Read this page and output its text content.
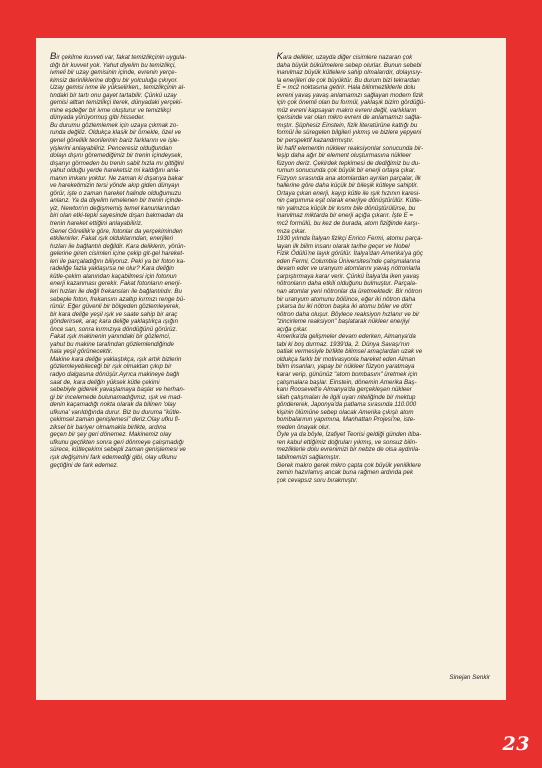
Bir çekilme kuvveti var, fakat temizlikçinin uygula-

dığı bir kuvvet yok. Yahut diyelim bu temizlikçi,

ivmeli bir uzay gemisinin içinde, evrenin yerçe-

kimsiz derinliklerine doğru bir yolculuğa çıkıyor.

Uzay gemisi ivme ile yükselirken,, temizlikçinin al-

tındaki bir tartı onu gayet tartabilir. Çünkü uzay

gemisi alttan temizlikçi iterek, dünyadaki yerçeki-

mine eşdeğer bir ivme oluşturur ve temizlikçi

dünyada yürüyormuş gibi hisseder.

Bu durumu gözlemlemek için uzaya çıkmak zo-

runda değiliz. Oldukça klasik bir örnekle, özel ve

genel görelilik teorilerinin bariz farklarını ve işle-

yişlerini anlayabiliriz. Penceresiz olduğundan

dolayı dışını göremediğimiz bir trenin içindeysek,

dışarıyı görmeden bu trenin sabit hızla mı gittiğini

yahut olduğu yerde hareketsiz mi kaldığını anla-

manın imkanı yoktur. Ne zaman ki dışarıya bakar

ve hareketimizin tersi yönde akıp giden dünyayı

görür, işte o zaman hareket halinde olduğumuzu

anlarız. Ya da diyelim ivmelenen bir trenin içinde-

yiz, Newton'ın değişmemiş temel kanunlarından

biri olan etki-tepki sayesinde dışarı bakmadan da

trenin hareket ettiğini anlayabiliriz.

Genel Görelilik'e göre, fotonlar da yerçekiminden

etkilenirler. Fakat ışık olduklarından, enerjileri

hızları ile bağlantılı değildir. Kara deliklerin, yörün-

gelerine giren cisimleri içine çekip git-gel hareket-

leri ile parçaladığını biliyoruz. Peki ya bir foton ka-

radeliğe fazla yaklaşırsa ne olur? Kara deliğin

kütle-çekim alanından kaçabilmesi için fotonun

enerji kazanması gerekir. Fakat fotonların enerji-

leri hızları ile değil frekansları ile bağlantılıdır. Bu

sebeple foton, frekansını azaltıp kırmızı renge bü-

rünür. Eğer güvenli bir bölgeden gözlemleyerek,

bir kara deliğe yeşil ışık ve saate sahip bir araç

gönderirsek, araç kara deliğe yaklaştıkça ışığın

önce sarı, sonra kırmızıya döndüğünü görürüz.

Fakat ışık makinenin yanındaki bir gözlemci,

yahut bu makine tarafından gözlemlendiğinde

hala yeşil görünecektir.

Makine kara deliğe yaklaştıkça, ışık artık bizlerin

gözlemleyebileceği bir ışık olmaktan çıkıp bir

radyo dalgasına dönüşür.Ayrıca makineye bağlı

saat de, kara deliğin yüksek kütle çekimi

sebebiyle giderek yavaşlamaya başlar ve herhan-

gi bir incelemede bulunamadığımız, ışık ve mad-

denin kaçamadığı nokta olarak da bilinen 'olay

ufkuna' varıldığında durur. Biz bu duruma "kütle-

çekimsel zaman genişlemesi" deriz.Olay ufku fi-

ziksel bir bariyer olmamakla birlikte, ardına

geçen bir şey geri dönemez. Makinemiz olay

ufkunu geçtikten sonra geri dönmeye çalışmadığı

sürece, kütleçekimi sebepli zaman genişlemesi ve

ışık değişimini fark edemediği gibi, olay ufkunu

geçtiğini de fark edemez.

Kara delikler, uzayda diğer cisimlere nazaran çok

daha büyük bükülmelere sebep olurlar. Bunun sebebi

inanılmaz büyük kütlelere sahip olmalarıdır, dolayısıy-

la enerjileri de çok büyüktür. Bu durum bizi tekrardan

E = mc2 noktasına getirir. Hala bilinmezliklerle dolu

evreni yavaş yavaş anlamamızı sağlayan modern fizik

için çok önemli olan bu formül, yaklaşık bizim gördüğü-

müz evreni kapsayan makro evreni değil, varlıkların

içerisinde var olan mikro evreni de anlamamızı sağla-

mıştır. Şüphesiz Einstein, fizik literatürüne kattığı bu

formül ile süregelen bilgileri yıkmış ve bizlere yepyeni

bir perspektif kazandırmıştır.

İki hafif elementin nükleer reaksiyonlar sonucunda bir-

leşip daha ağır bir element oluşturmasına nükleer

füzyon deriz. Çekirdek tepkimesi de dediğimiz bu du-

rumun sonucunda çok büyük bir enerji ortaya çıkar.

Füzyon sırasında ana atomlardan ayrılan parçalar, ilk

hallerine göre daha küçük bir bileşik kütleye sahiptir.

Ortaya çıkan enerji, kayıp kütle ile ışık hızının karesi-

nin çarpımına eşit olarak enerjiye dönüştürülür. Kütle-

nin yalnızca küçük bir kısmı bile dönüştürülürse, bu

inanılmaz miktarda bir enerji açığa çıkarır. İşte E =

mc2 formülü, bu kez de burada, atom fiziğinde karşı-

mıza çıkar.

1930 yılında İtalyan fizikçi Enrico Fermi, atomu parça-

layan ilk bilim insanı olarak tarihe geçer ve Nobel

Fizik Ödülü'ne layık görülür. İtalya'dan Amerika'ya göç

eden Fermi, Columbia Üniversitesi'nde çalışmalarına

devam eder ve uranyum atomlarını yavaş nötronlarla

çarpıştırmaya karar verir. Çünkü İtalya'da iken yavaş

nötronların daha etkili olduğunu bulmuştur. Parçala-

nan atomlar yeni nötronlar da üretmektedir. Bir nötron

bir uranyum atomunu bölünce, eğer iki nötron daha

çıkarsa bu iki nötron başka iki atomu böler ve dört

nötron daha oluşur. Böylece reaksiyon hızlanır ve bir

"zincirleme reaksiyon" başlatarak nükleer enerjiyi

açığa çıkar.

Amerika'da gelişmeler devam ederken, Almanya'da

tabi ki boş durmaz. 1939'da, 2. Dünya Savaşı'nın

patlak vermesiyle birlikte bilimsel amaçlardan uzak ve

oldukça farklı bir motivasyonla hareket eden Alman

bilim insanları, yapay bir nükleer füzyon yaratmaya

karar verip, gününüz "atom bombasını" üretmek için

çalışmalara başlar. Einstein, dönemin Amerika Baş-

kanı Roosevelt'e Almanya'da gerçekleşen nükleer

silah çalışmaları ile ilgili uyarı niteliğinde bir mektup

göndererek, Japonya'da patlama sırasında 110.000

kişinin ölümüne sebep olacak Amerika çıkışlı atom

bombalarının yapımına, Manhattan Projesi'ne, iste-

meden önayak olur.

Öyle ya da böyle, İzafiyet Teorisi geldiği günden itiba-

ren kabul ettiğimiz doğruları yıkmış, ve sonsuz bilin-

mezliklerle dolu evrenimizi bir nebze de olsa aydınla-

tabilmemizi sağlamıştır.

Gerek makro gerek mikro çapta çok büyük yeniliklere

zemin hazırlamış ancak buna rağmen ardında pek

çok cevapsız soru bırakmıştır.

Sinejan Senkir
23
